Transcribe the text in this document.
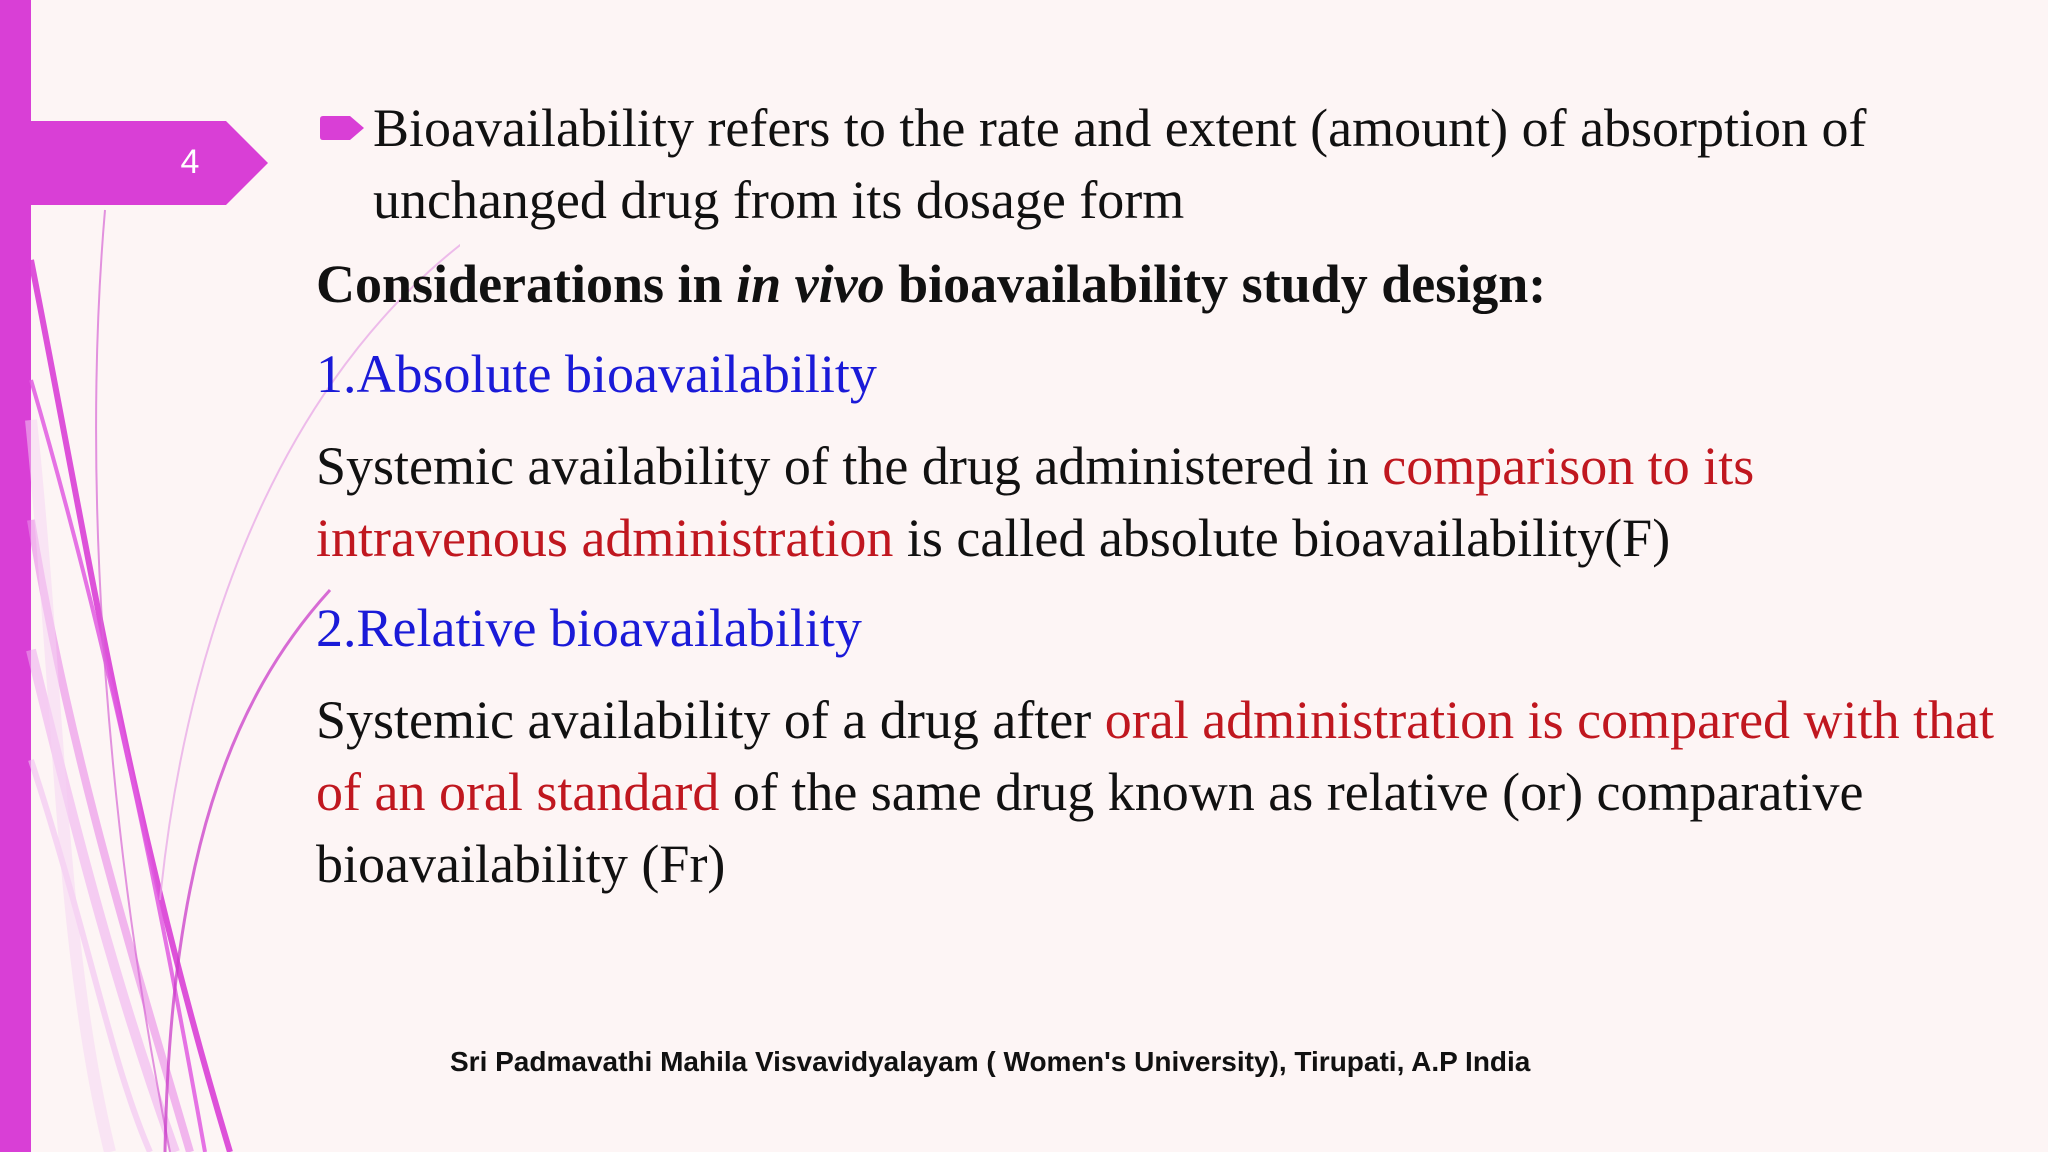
4
Bioavailability refers to the rate and extent (amount) of absorption of unchanged drug from its dosage form
Considerations in in vivo bioavailability study design:
1.Absolute bioavailability
Systemic availability of the drug administered in comparison to its intravenous administration is called absolute bioavailability(F)
2.Relative bioavailability
Systemic availability of a drug after oral administration is compared with that of an oral standard of the same drug known as relative (or) comparative bioavailability (Fr)
Sri Padmavathi Mahila Visvavidyalayam ( Women's University), Tirupati, A.P India
